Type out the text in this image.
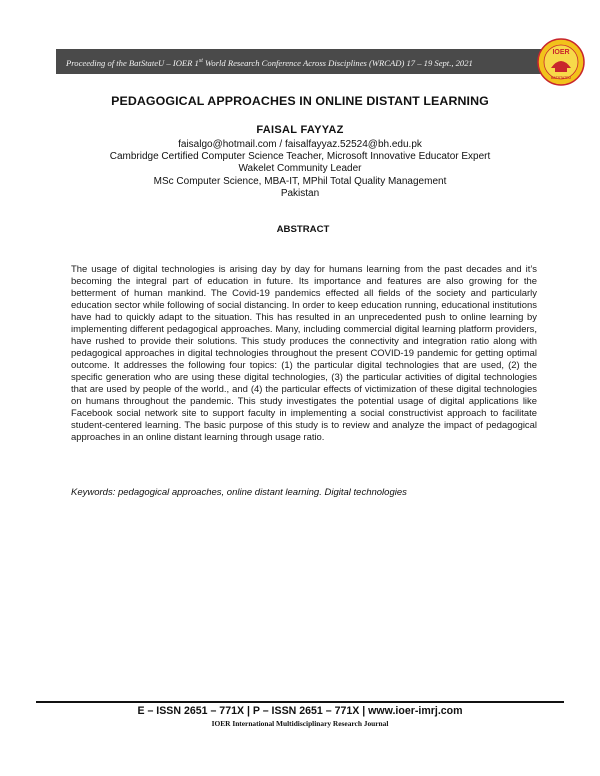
Proceeding of the BatStateU – IOER 1st World Research Conference Across Disciplines (WRCAD) 17 – 19 Sept., 2021
IOER
BATSTATEU
PEDAGOGICAL APPROACHES IN ONLINE DISTANT LEARNING
FAISAL FAYYAZ
faisalgo@hotmail.com / faisalfayyaz.52524@bh.edu.pk
Cambridge Certified Computer Science Teacher, Microsoft Innovative Educator Expert
Wakelet Community Leader
MSc Computer Science, MBA-IT, MPhil Total Quality Management
Pakistan
ABSTRACT
The usage of digital technologies is arising day by day for humans learning from the past decades and it’s becoming the integral part of education in future. Its importance and features are also growing for the betterment of human mankind. The Covid-19 pandemics effected all fields of the society and particularly education sector while following of social distancing. In order to keep education running, educational institutions have had to quickly adapt to the situation. This has resulted in an unprecedented push to online learning by implementing different pedagogical approaches. Many, including commercial digital learning platform providers, have rushed to provide their solutions. This study produces the connectivity and integration ratio along with pedagogical approaches in digital technologies throughout the present COVID-19 pandemic for getting optimal outcome. It addresses the following four topics: (1) the particular digital technologies that are used, (2) the specific generation who are using these digital technologies, (3) the particular activities of digital technologies that are used by people of the world., and (4) the particular effects of victimization of these digital technologies on humans throughout the pandemic. This study investigates the potential usage of digital applications like Facebook social network site to support faculty in implementing a social constructivist approach to facilitate student-centered learning. The basic purpose of this study is to review and analyze the impact of pedagogical approaches in an online distant learning through usage ratio.
Keywords: pedagogical approaches, online distant learning. Digital technologies
E – ISSN 2651 – 771X | P – ISSN 2651 – 771X | www.ioer-imrj.com
IOER International Multidisciplinary Research Journal
